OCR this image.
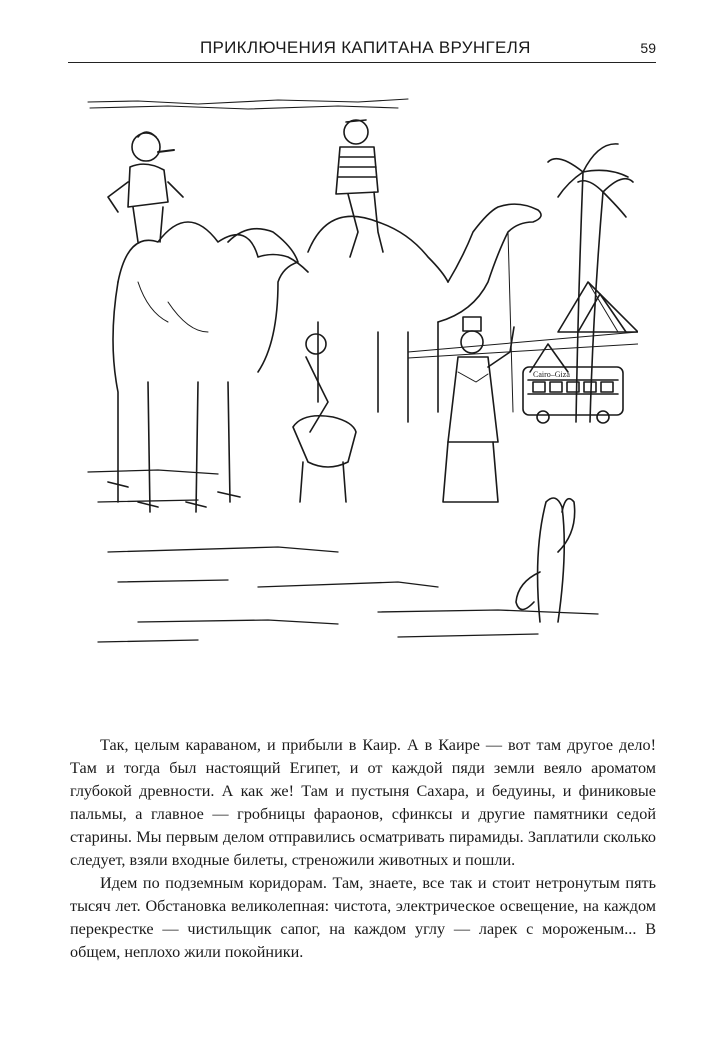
ПРИКЛЮЧЕНИЯ КАПИТАНА ВРУНГЕЛЯ	59
Cairo–Giza

Так, целым караваном, и прибыли в Каир. А в Каире — вот там другое дело! Там и тогда был настоящий Египет, и от каждой пяди земли веяло ароматом глубокой древности. А как же! Там и пустыня Сахара, и бедуины, и финиковые пальмы, а главное — гробницы фараонов, сфинксы и другие памятники седой старины. Мы первым делом отправились осматривать пирамиды. Заплатили сколько следует, взяли входные билеты, стреножили животных и пошли.

Идем по подземным коридорам. Там, знаете, все так и стоит нетронутым пять тысяч лет. Обстановка великолепная: чистота, электрическое освещение, на каждом перекрестке — чистильщик сапог, на каждом углу — ларек с мороженым... В общем, неплохо жили покойники.
